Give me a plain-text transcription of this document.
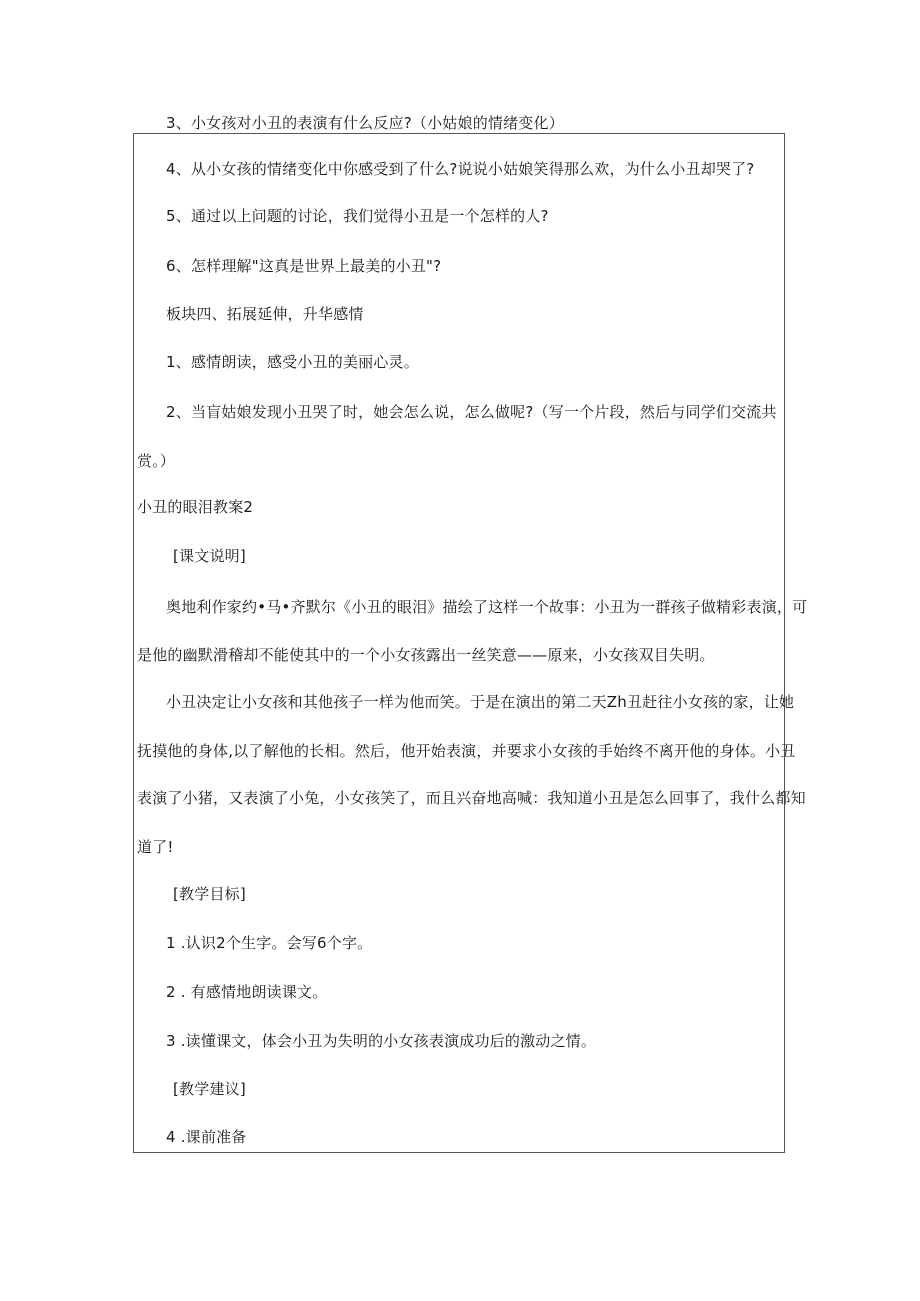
3、小女孩对小丑的表演有什么反应?（小姑娘的情绪变化）
4、从小女孩的情绪变化中你感受到了什么?说说小姑娘笑得那么欢，为什么小丑却哭了?
5、通过以上问题的讨论，我们觉得小丑是一个怎样的人?
6、怎样理解"这真是世界上最美的小丑"?
板块四、拓展延伸，升华感情
1、感情朗读，感受小丑的美丽心灵。
2、当盲姑娘发现小丑哭了时，她会怎么说，怎么做呢?（写一个片段，然后与同学们交流共
赏。）
小丑的眼泪教案2
[课文说明]
奥地利作家约•马•齐默尔《小丑的眼泪》描绘了这样一个故事：小丑为一群孩子做精彩表演，可
是他的幽默滑稽却不能使其中的一个小女孩露出一丝笑意——原来，小女孩双目失明。
小丑决定让小女孩和其他孩子一样为他而笑。于是在演出的第二天Zh丑赶往小女孩的家，让她
抚摸他的身体,以了解他的长相。然后，他开始表演，并要求小女孩的手始终不离开他的身体。小丑
表演了小猪，又表演了小兔，小女孩笑了，而且兴奋地高喊：我知道小丑是怎么回事了，我什么都知
道了!
[教学目标]
1 .认识2个生字。会写6个字。
2 . 有感情地朗读课文。
3 .读懂课文，体会小丑为失明的小女孩表演成功后的激动之情。
[教学建议]
4 .课前准备
